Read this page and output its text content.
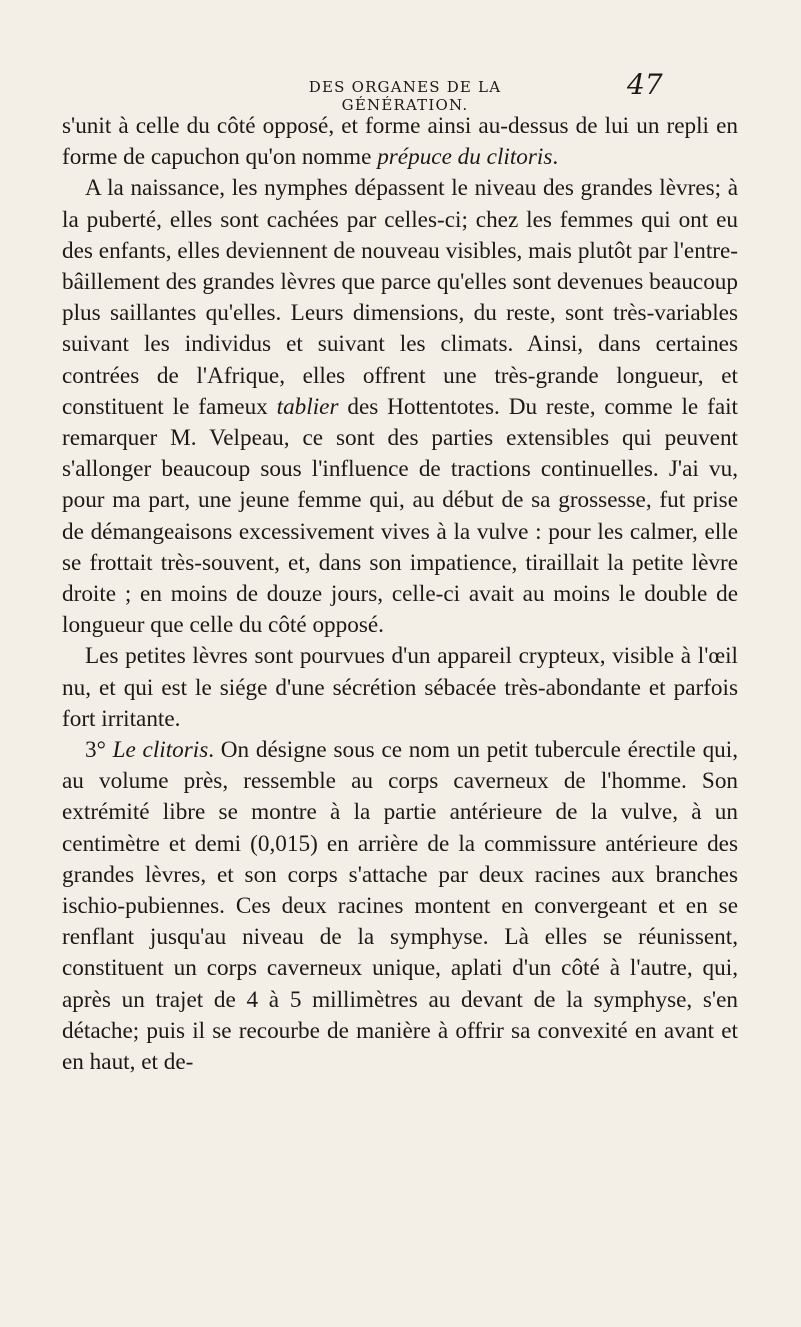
DES ORGANES DE LA GÉNÉRATION.
47

s'unit à celle du côté opposé, et forme ainsi au-dessus de lui un repli en forme de capuchon qu'on nomme prépuce du clitoris.

A la naissance, les nymphes dépassent le niveau des grandes lèvres; à la puberté, elles sont cachées par celles-ci; chez les femmes qui ont eu des enfants, elles deviennent de nouveau visibles, mais plutôt par l'entre-bâillement des grandes lèvres que parce qu'elles sont devenues beaucoup plus saillantes qu'elles. Leurs dimensions, du reste, sont très-variables suivant les individus et suivant les climats. Ainsi, dans certaines contrées de l'Afrique, elles offrent une très-grande longueur, et constituent le fameux tablier des Hottentotes. Du reste, comme le fait remarquer M. Velpeau, ce sont des parties extensibles qui peuvent s'allonger beaucoup sous l'influence de tractions continuelles. J'ai vu, pour ma part, une jeune femme qui, au début de sa grossesse, fut prise de démangeaisons excessivement vives à la vulve : pour les calmer, elle se frottait très-souvent, et, dans son impatience, tiraillait la petite lèvre droite ; en moins de douze jours, celle-ci avait au moins le double de longueur que celle du côté opposé.

Les petites lèvres sont pourvues d'un appareil crypteux, visible à l'œil nu, et qui est le siége d'une sécrétion sébacée très-abondante et parfois fort irritante.

3° Le clitoris. On désigne sous ce nom un petit tubercule érectile qui, au volume près, ressemble au corps caverneux de l'homme. Son extrémité libre se montre à la partie antérieure de la vulve, à un centimètre et demi (0,015) en arrière de la commissure antérieure des grandes lèvres, et son corps s'attache par deux racines aux branches ischio-pubiennes. Ces deux racines montent en convergeant et en se renflant jusqu'au niveau de la symphyse. Là elles se réunissent, constituent un corps caverneux unique, aplati d'un côté à l'autre, qui, après un trajet de 4 à 5 millimètres au devant de la symphyse, s'en détache; puis il se recourbe de manière à offrir sa convexité en avant et en haut, et de-
